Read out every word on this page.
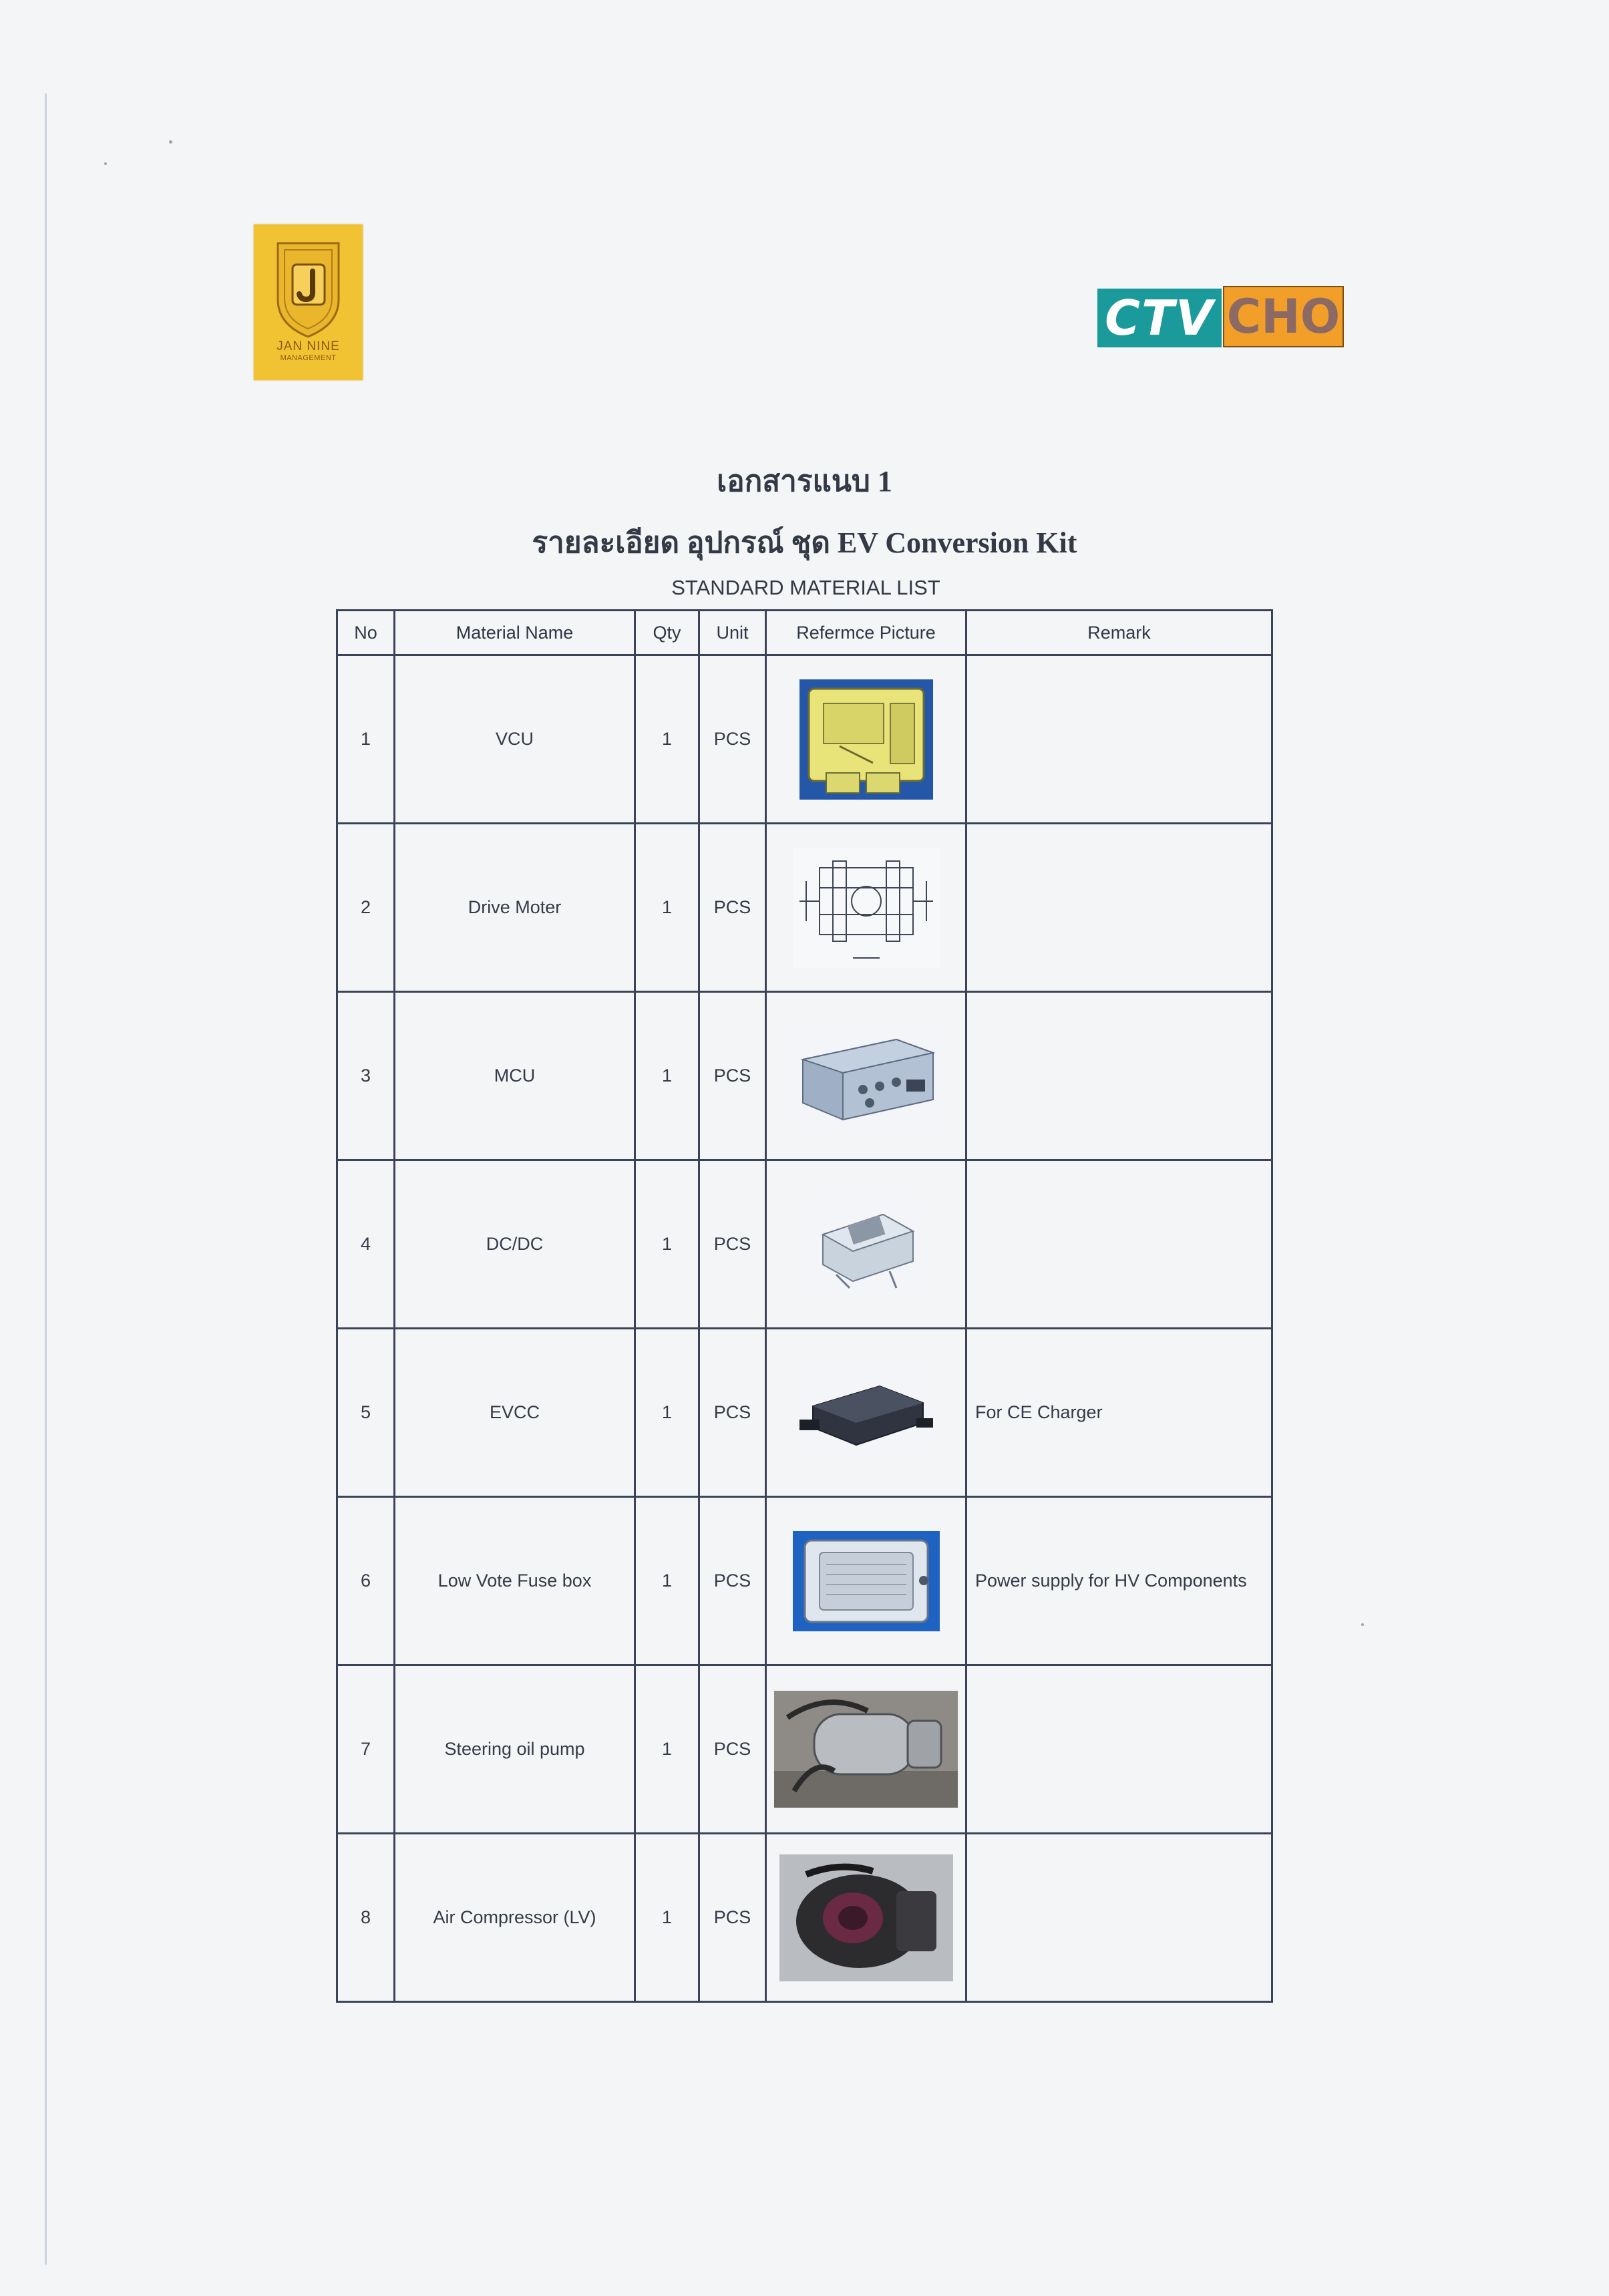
JAN NINE
MANAGEMENT
CTV CHO
เอกสารแนบ 1
รายละเอียด อุปกรณ์ ชุด EV Conversion Kit
STANDARD MATERIAL LIST
No	Material Name	Qty	Unit	Refermce Picture	Remark
1	VCU	1	PCS		
2	Drive Moter	1	PCS		
3	MCU	1	PCS		
4	DC/DC	1	PCS		
5	EVCC	1	PCS		For CE Charger
6	Low Vote Fuse box	1	PCS		Power supply for HV Components
7	Steering oil pump	1	PCS		
8	Air Compressor (LV)	1	PCS		
